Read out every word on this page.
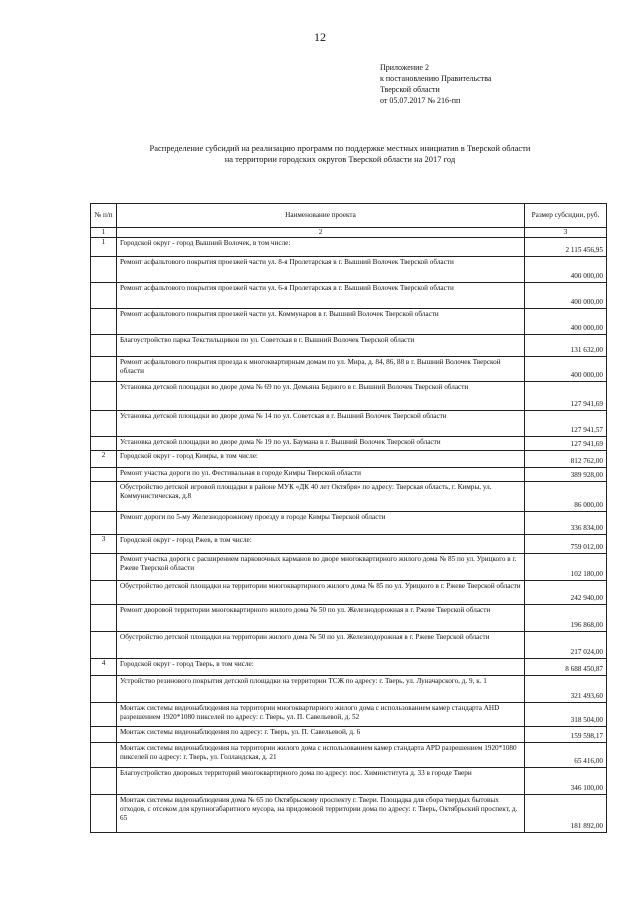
12
Приложение 2
к постановлению Правительства
Тверской области
от 05.07.2017 № 216-пп
Распределение субсидий на реализацию программ по поддержке местных инициатив в Тверской области
на территории городских округов Тверской области на 2017 год
№ п/п	Наименование проекта	Размер субсидии, руб.
1	2	3
1	Городской округ - город Вышний Волочек, в том числе:	2 115 456,95
	Ремонт асфальтового покрытия проезжей части ул. 8-я Пролетарская в г. Вышний Волочек Тверской области	400 000,00
	Ремонт асфальтового покрытия проезжей части ул. 6-я Пролетарская в г. Вышний Волочек Тверской области	400 000,00
	Ремонт асфальтового покрытия проезжей части ул. Коммунаров в г. Вышний Волочек Тверской области	400 000,00
	Благоустройство парка Текстильщиков по ул. Советская в г. Вышний Волочек Тверской области	131 632,00
	Ремонт асфальтового покрытия проезда к многоквартирным домам по ул. Мира, д. 84, 86, 88 в г. Вышний Волочек Тверской области	400 000,00
	Установка детской площадки во дворе дома № 69 по ул. Демьяна Бедного в г. Вышний Волочек Тверской области	127 941,69
	Установка детской площадки во дворе дома № 14 по ул. Советская в г. Вышний Волочек Тверской области	127 941,57
	Установка детской площадки во дворе дома № 19 по ул. Баумана в г. Вышний Волочек Тверской области	127 941,69
2	Городской округ - город Кимры, в том числе:	812 762,00
	Ремонт участка дороги по ул. Фестивальная в городе Кимры Тверской области	389 928,00
	Обустройство детской игровой площадки в районе МУК «ДК 40 лет Октября» по адресу: Тверская область, г. Кимры, ул. Коммунистическая, д.8	86 000,00
	Ремонт дороги по 5-му Железнодорожному проезду в городе Кимры Тверской области	336 834,00
3	Городской округ - город Ржев, в том числе:	759 012,00
	Ремонт участка дороги с расширением парковочных карманов во дворе многоквартирного жилого дома № 85 по ул. Урицкого в г. Ржеве Тверской области	102 180,00
	Обустройство детской площадки на территории многоквартирного жилого дома № 85 по ул. Урицкого в г. Ржеве Тверской области	242 940,00
	Ремонт дворовой территории многоквартирного жилого дома № 50 по ул. Железнодорожная в г. Ржеве Тверской области	196 868,00
	Обустройство детской площадки на территории жилого дома № 50 по ул. Железнодорожная в г. Ржеве Тверской области	217 024,00
4	Городской округ - город Тверь, в том числе:	8 688 450,87
	Устройство резинового покрытия детской площадки на территории ТСЖ по адресу: г. Тверь, ул. Луначарского, д. 9, к. 1	321 493,60
	Монтаж системы видеонаблюдения на территории многоквартирного жилого дома с использованием камер стандарта AHD разрешением 1920*1080 пикселей по адресу: г. Тверь, ул. П. Савельевой, д. 52	318 504,00
	Монтаж системы видеонаблюдения по адресу: г. Тверь, ул. П. Савельевой, д. 6	159 598,17
	Монтаж системы видеонаблюдения на территории жилого дома с использованием камер стандарта APD разрешением 1920*1080 пикселей по адресу: г. Тверь, ул. Голландская, д. 21	65 416,00
	Благоустройство дворовых территорий многоквартирного дома по адресу: пос. Химинститута д. 33 в городе Твери	346 100,00
	Монтаж системы видеонаблюдения дома № 65 по Октябрьскому проспекту г. Твери. Площадка для сбора твердых бытовых отходов, с отсеком для крупногабаритного мусора, на придомовой территории дома по адресу: г. Тверь, Октябрьский проспект, д. 65	181 892,00
